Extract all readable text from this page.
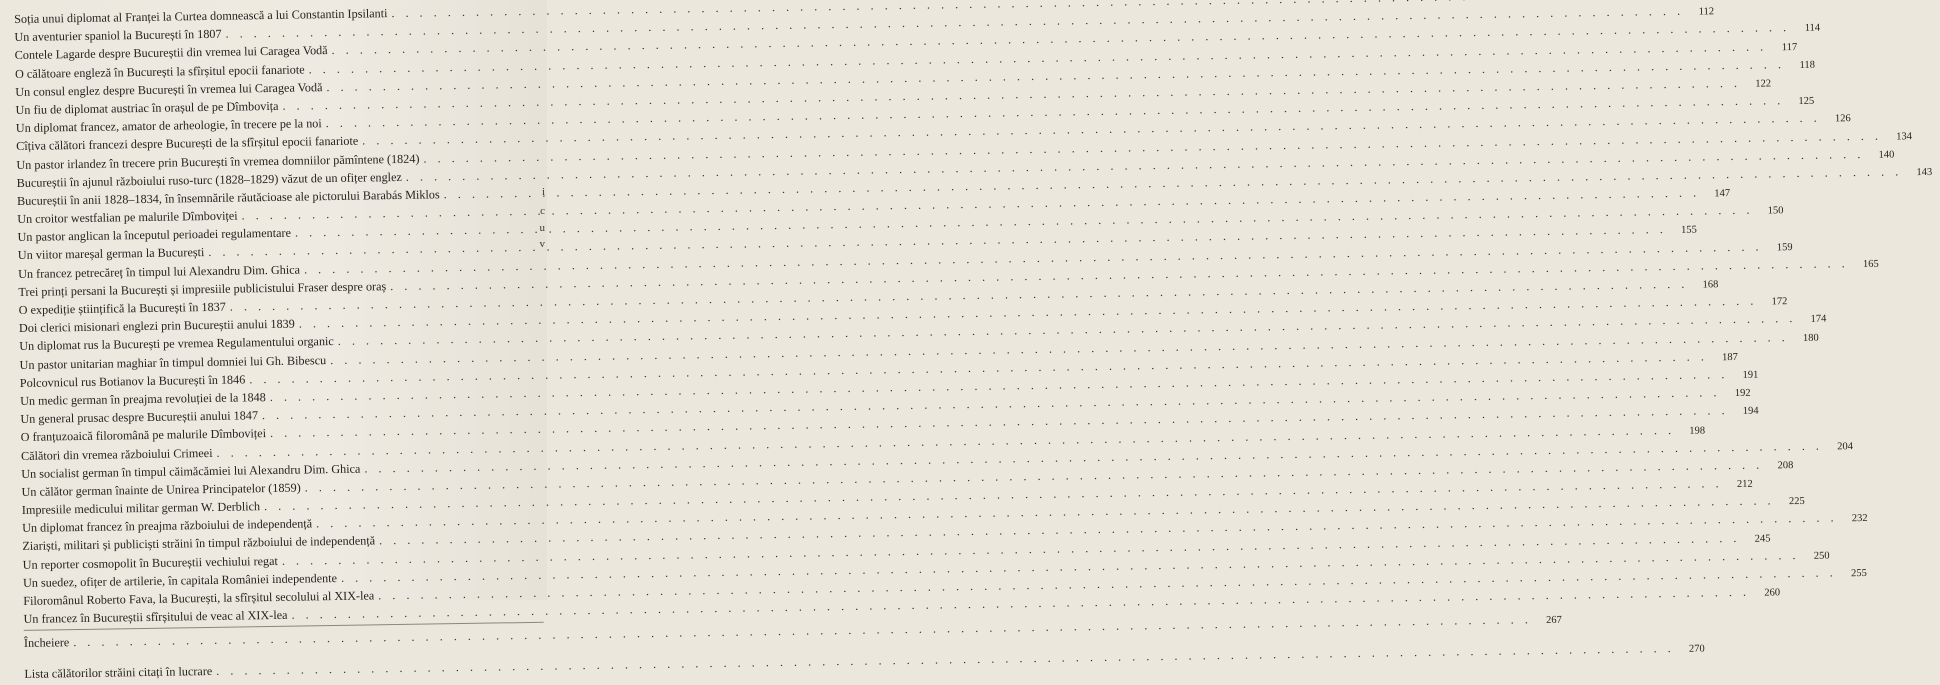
Soția unui diplomat al Franței la Curtea domnească a lui Constantin Ipsilanti
. . .
Un aventurier spaniol la București în 1807
. . .
112
Contele Lagarde despre Bucureștii din vremea lui Caragea Vodă
. . .
114
O călătoare engleză în București la sfîrșitul epocii fanariote
. . .
117
Un consul englez despre București în vremea lui Caragea Vodă
. . .
118
Un fiu de diplomat austriac în orașul de pe Dîmbovița
. . .
122
Un diplomat francez, amator de arheologie, în trecere pe la noi
. . .
125
Cîțiva călători francezi despre București de la sfîrșitul epocii fanariote
. . .
126
Un pastor irlandez în trecere prin București în vremea domniilor pămîntene (1824)
. . .
134
Bucureștii în ajunul războiului ruso-turc (1828–1829) văzut de un ofițer englez
. . .
140
Bucureștii în anii 1828–1834, în însemnările răutăcioase ale pictorului Barabás Miklos
. . .
143
Un croitor westfalian pe malurile Dîmboviței
. . .
147
Un pastor anglican la începutul perioadei regulamentare
. . .
150
Un viitor mareșal german la București
. . .
155
Un francez petrecăreț în timpul lui Alexandru Dim. Ghica
. . .
159
Trei prinți persani la București și impresiile publicistului Fraser despre oraș
. . .
165
O expediție științifică la București în 1837
. . .
168
Doi clerici misionari englezi prin Bucureștii anului 1839
. . .
172
Un diplomat rus la București pe vremea Regulamentului organic
. . .
174
Un pastor unitarian maghiar în timpul domniei lui Gh. Bibescu
. . .
180
Polcovnicul rus Botianov la București în 1846
. . .
187
Un medic german în preajma revoluției de la 1848
. . .
191
Un general prusac despre Bucureștii anului 1847
. . .
192
O franțuzoaică filoromână pe malurile Dîmboviței
. . .
194
Călători din vremea războiului Crimeei
. . .
198
Un socialist german în timpul căimăcămiei lui Alexandru Dim. Ghica
. . .
204
Un călător german înainte de Unirea Principatelor (1859)
. . .
208
Impresiile medicului militar german W. Derblich
. . .
212
Un diplomat francez în preajma războiului de independență
. . .
225
Ziariști, militari și publiciști străini în timpul războiului de independență
. . .
232
Un reporter cosmopolit în Bucureștii vechiului regat
. . .
245
Un suedez, ofițer de artilerie, în capitala României independente
. . .
250
Filoromânul Roberto Fava, la București, la sfîrșitul secolului al XIX-lea
. . .
255
Un francez în Bucureștii sfîrșitului de veac al XIX-lea
. . .
260
Încheiere
. . .
267
Lista călătorilor străini citați în lucrare
. . .
270
i
c
u
v
